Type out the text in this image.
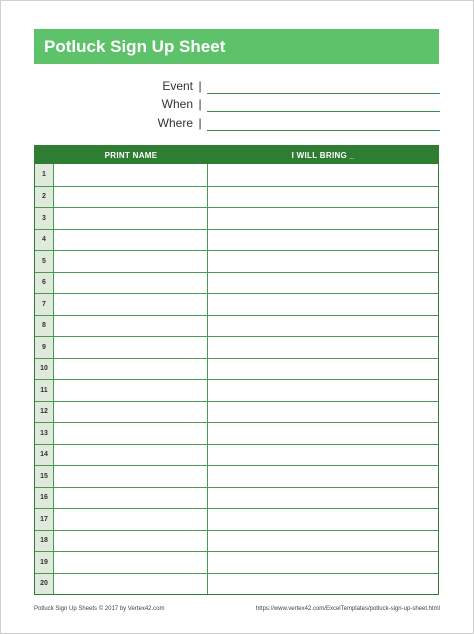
Potluck Sign Up Sheet
Event |
When |
Where |
PRINT NAME	I WILL BRING _
1
2
3
4
5
6
7
8
9
10
11
12
13
14
15
16
17
18
19
20
Potluck Sign Up Sheets © 2017 by Vertex42.com	https://www.vertex42.com/ExcelTemplates/potluck-sign-up-sheet.html
